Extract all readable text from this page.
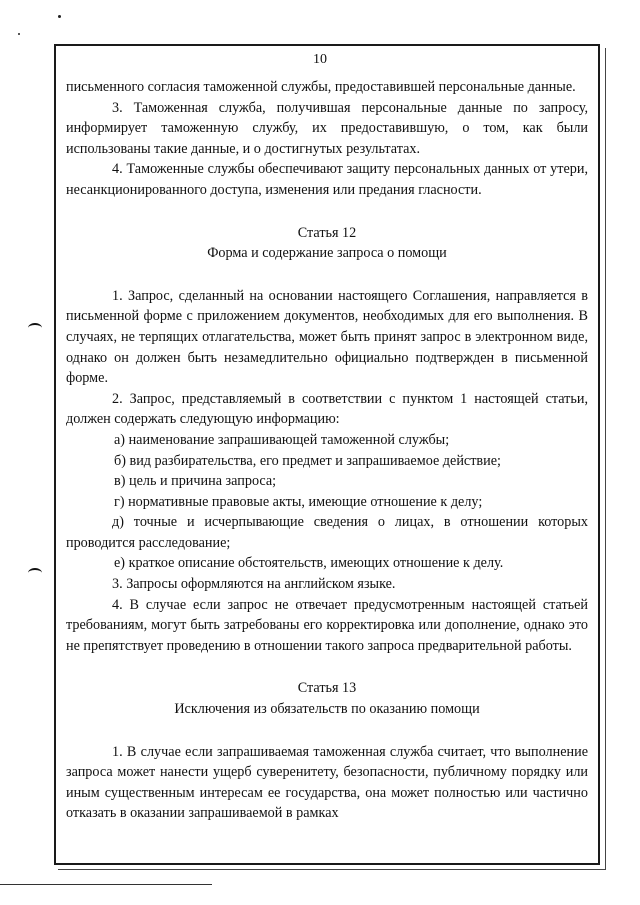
10

письменного согласия таможенной службы, предоставившей персональные данные.

3. Таможенная служба, получившая персональные данные по запросу, информирует таможенную службу, их предоставившую, о том, как были использованы такие данные, и о достигнутых результатах.

4. Таможенные службы обеспечивают защиту персональных данных от утери, несанкционированного доступа, изменения или предания гласности.

Статья 12

Форма и содержание запроса о помощи

1. Запрос, сделанный на основании настоящего Соглашения, направляется в письменной форме с приложением документов, необходимых для его выполнения. В случаях, не терпящих отлагательства, может быть принят запрос в электронном виде, однако он должен быть незамедлительно официально подтвержден в письменной форме.

2. Запрос, представляемый в соответствии с пунктом 1 настоящей статьи, должен содержать следующую информацию:

а) наименование запрашивающей таможенной службы;

б) вид разбирательства, его предмет и запрашиваемое действие;

в) цель и причина запроса;

г) нормативные правовые акты, имеющие отношение к делу;

д) точные и исчерпывающие сведения о лицах, в отношении которых проводится расследование;

е) краткое описание обстоятельств, имеющих отношение к делу.

3. Запросы оформляются на английском языке.

4. В случае если запрос не отвечает предусмотренным настоящей статьей требованиям, могут быть затребованы его корректировка или дополнение, однако это не препятствует проведению в отношении такого запроса предварительной работы.

Статья 13

Исключения из обязательств по оказанию помощи

1. В случае если запрашиваемая таможенная служба считает, что выполнение запроса может нанести ущерб суверенитету, безопасности, публичному порядку или иным существенным интересам ее государства, она может полностью или частично отказать в оказании запрашиваемой в рамках
